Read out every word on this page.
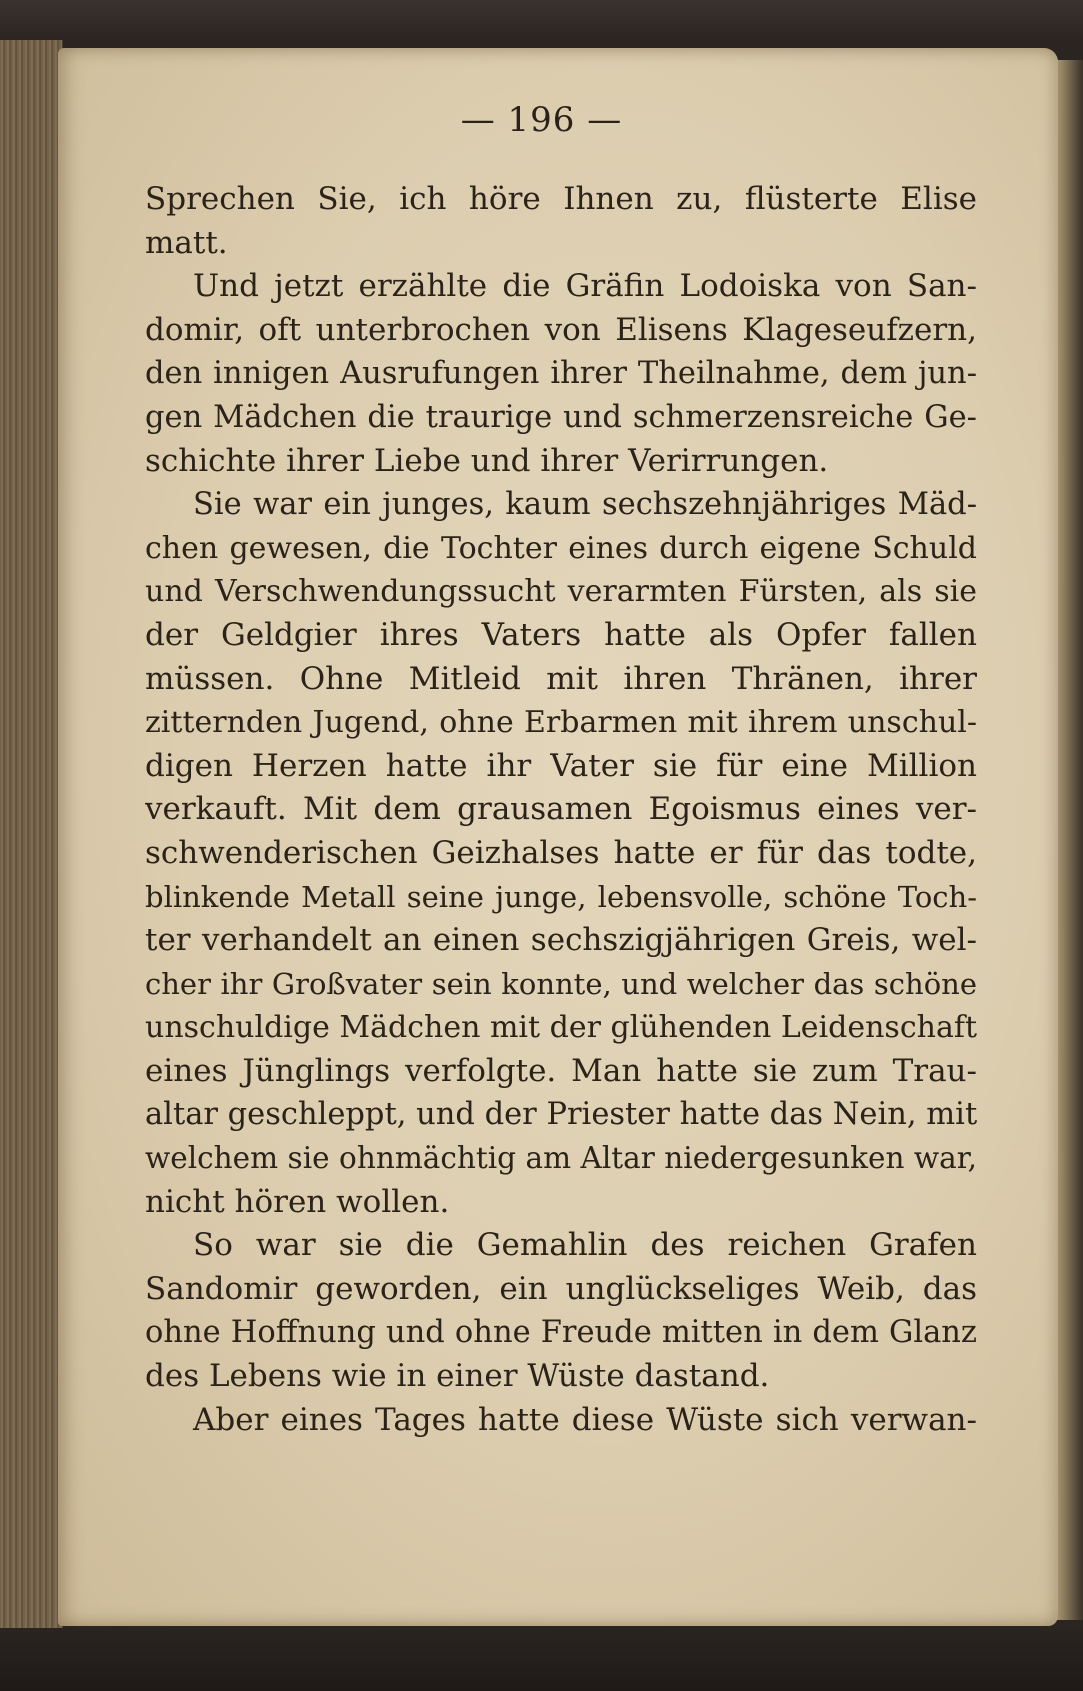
— 196 —
Sprechen Sie, ich höre Ihnen zu, flüsterte Elise
matt.
Und jetzt erzählte die Gräfin Lodoiska von San-
domir, oft unterbrochen von Elisens Klageseufzern,
den innigen Ausrufungen ihrer Theilnahme, dem jun-
gen Mädchen die traurige und schmerzensreiche Ge-
schichte ihrer Liebe und ihrer Verirrungen.
Sie war ein junges, kaum sechszehnjähriges Mäd-
chen gewesen, die Tochter eines durch eigene Schuld
und Verschwendungssucht verarmten Fürsten, als sie
der Geldgier ihres Vaters hatte als Opfer fallen
müssen. Ohne Mitleid mit ihren Thränen, ihrer
zitternden Jugend, ohne Erbarmen mit ihrem unschul-
digen Herzen hatte ihr Vater sie für eine Million
verkauft. Mit dem grausamen Egoismus eines ver-
schwenderischen Geizhalses hatte er für das todte,
blinkende Metall seine junge, lebensvolle, schöne Toch-
ter verhandelt an einen sechszigjährigen Greis, wel-
cher ihr Großvater sein konnte, und welcher das schöne
unschuldige Mädchen mit der glühenden Leidenschaft
eines Jünglings verfolgte. Man hatte sie zum Trau-
altar geschleppt, und der Priester hatte das Nein, mit
welchem sie ohnmächtig am Altar niedergesunken war,
nicht hören wollen.
So war sie die Gemahlin des reichen Grafen
Sandomir geworden, ein unglückseliges Weib, das
ohne Hoffnung und ohne Freude mitten in dem Glanz
des Lebens wie in einer Wüste dastand.
Aber eines Tages hatte diese Wüste sich verwan-
